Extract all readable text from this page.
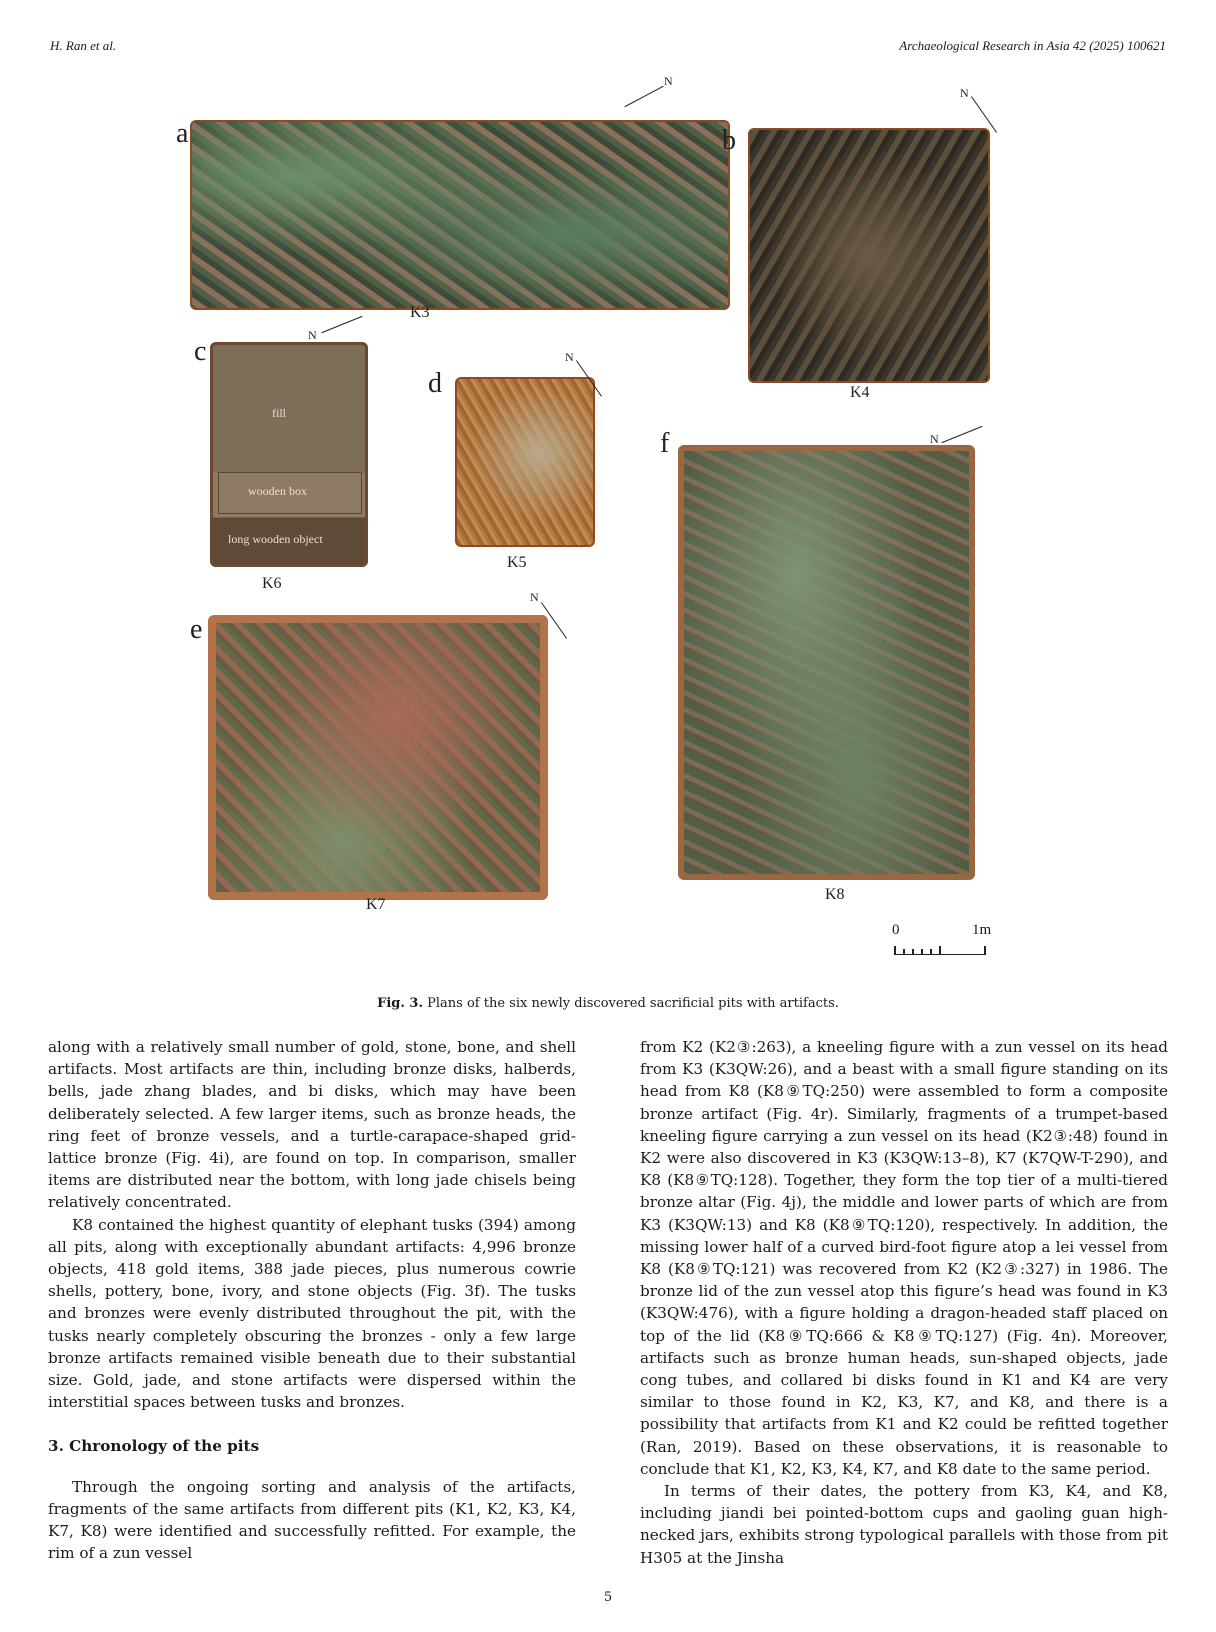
H. Ran et al.	Archaeological Research in Asia 42 (2025) 100621
a
K3
N
b
K4
N
c
fill
wooden box
long wooden object
K6
N
d
K5
N
e
K7
N
f
K8
N
0	1m
Fig. 3. Plans of the six newly discovered sacrificial pits with artifacts.

along with a relatively small number of gold, stone, bone, and shell artifacts. Most artifacts are thin, including bronze disks, halberds, bells, jade zhang blades, and bi disks, which may have been deliberately selected. A few larger items, such as bronze heads, the ring feet of bronze vessels, and a turtle-carapace-shaped grid-lattice bronze (Fig. 4i), are found on top. In comparison, smaller items are distributed near the bottom, with long jade chisels being relatively concentrated.

K8 contained the highest quantity of elephant tusks (394) among all pits, along with exceptionally abundant artifacts: 4,996 bronze objects, 418 gold items, 388 jade pieces, plus numerous cowrie shells, pottery, bone, ivory, and stone objects (Fig. 3f). The tusks and bronzes were evenly distributed throughout the pit, with the tusks nearly completely obscuring the bronzes - only a few large bronze artifacts remained visible beneath due to their substantial size. Gold, jade, and stone artifacts were dispersed within the interstitial spaces between tusks and bronzes.

3. Chronology of the pits

Through the ongoing sorting and analysis of the artifacts, fragments of the same artifacts from different pits (K1, K2, K3, K4, K7, K8) were identified and successfully refitted. For example, the rim of a zun vessel

from K2 (K2③:263), a kneeling figure with a zun vessel on its head from K3 (K3QW:26), and a beast with a small figure standing on its head from K8 (K8⑨TQ:250) were assembled to form a composite bronze artifact (Fig. 4r). Similarly, fragments of a trumpet-based kneeling figure carrying a zun vessel on its head (K2③:48) found in K2 were also discovered in K3 (K3QW:13–8), K7 (K7QW-T-290), and K8 (K8⑨TQ:128). Together, they form the top tier of a multi-tiered bronze altar (Fig. 4j), the middle and lower parts of which are from K3 (K3QW:13) and K8 (K8⑨TQ:120), respectively. In addition, the missing lower half of a curved bird-foot figure atop a lei vessel from K8 (K8⑨TQ:121) was recovered from K2 (K2③:327) in 1986. The bronze lid of the zun vessel atop this figure’s head was found in K3 (K3QW:476), with a figure holding a dragon-headed staff placed on top of the lid (K8⑨TQ:666 & K8⑨TQ:127) (Fig. 4n). Moreover, artifacts such as bronze human heads, sun-shaped objects, jade cong tubes, and collared bi disks found in K1 and K4 are very similar to those found in K2, K3, K7, and K8, and there is a possibility that artifacts from K1 and K2 could be refitted together (Ran, 2019). Based on these observations, it is reasonable to conclude that K1, K2, K3, K4, K7, and K8 date to the same period.

In terms of their dates, the pottery from K3, K4, and K8, including jiandi bei pointed-bottom cups and gaoling guan high-necked jars, exhibits strong typological parallels with those from pit H305 at the Jinsha

5
